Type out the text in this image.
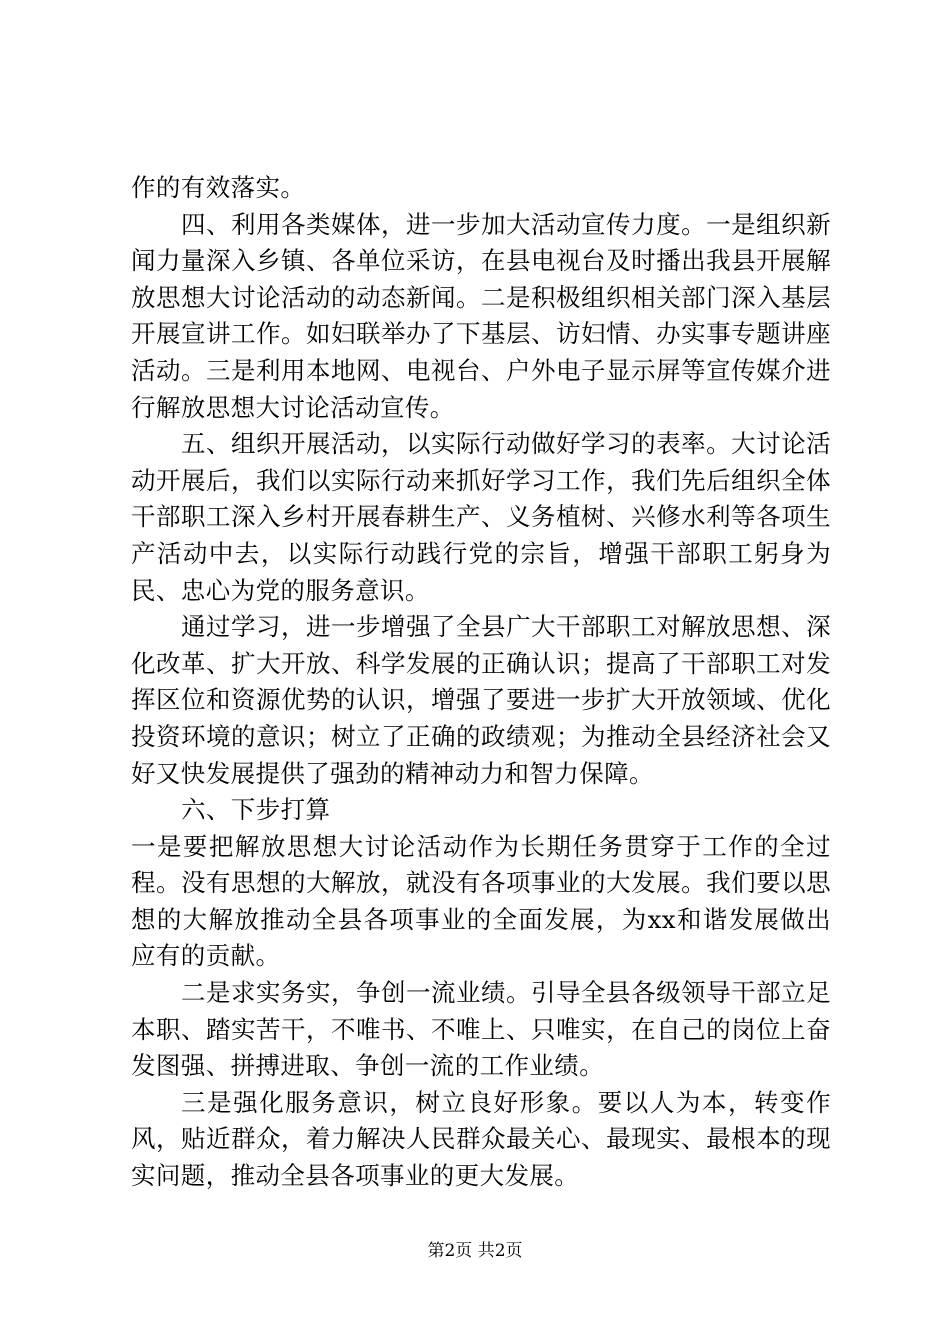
作的有效落实。

四、利用各类媒体，进一步加大活动宣传力度。一是组织新闻力量深入乡镇、各单位采访，在县电视台及时播出我县开展解放思想大讨论活动的动态新闻。二是积极组织相关部门深入基层开展宣讲工作。如妇联举办了下基层、访妇情、办实事专题讲座活动。三是利用本地网、电视台、户外电子显示屏等宣传媒介进行解放思想大讨论活动宣传。

五、组织开展活动，以实际行动做好学习的表率。大讨论活动开展后，我们以实际行动来抓好学习工作，我们先后组织全体干部职工深入乡村开展春耕生产、义务植树、兴修水利等各项生产活动中去，以实际行动践行党的宗旨，增强干部职工躬身为民、忠心为党的服务意识。

通过学习，进一步增强了全县广大干部职工对解放思想、深化改革、扩大开放、科学发展的正确认识；提高了干部职工对发挥区位和资源优势的认识，增强了要进一步扩大开放领域、优化投资环境的意识；树立了正确的政绩观；为推动全县经济社会又好又快发展提供了强劲的精神动力和智力保障。

六、下步打算

一是要把解放思想大讨论活动作为长期任务贯穿于工作的全过程。没有思想的大解放，就没有各项事业的大发展。我们要以思想的大解放推动全县各项事业的全面发展，为xx和谐发展做出应有的贡献。

二是求实务实，争创一流业绩。引导全县各级领导干部立足本职、踏实苦干，不唯书、不唯上、只唯实，在自己的岗位上奋发图强、拼搏进取、争创一流的工作业绩。

三是强化服务意识，树立良好形象。要以人为本，转变作风，贴近群众，着力解决人民群众最关心、最现实、最根本的现实问题，推动全县各项事业的更大发展。

第2页 共2页
